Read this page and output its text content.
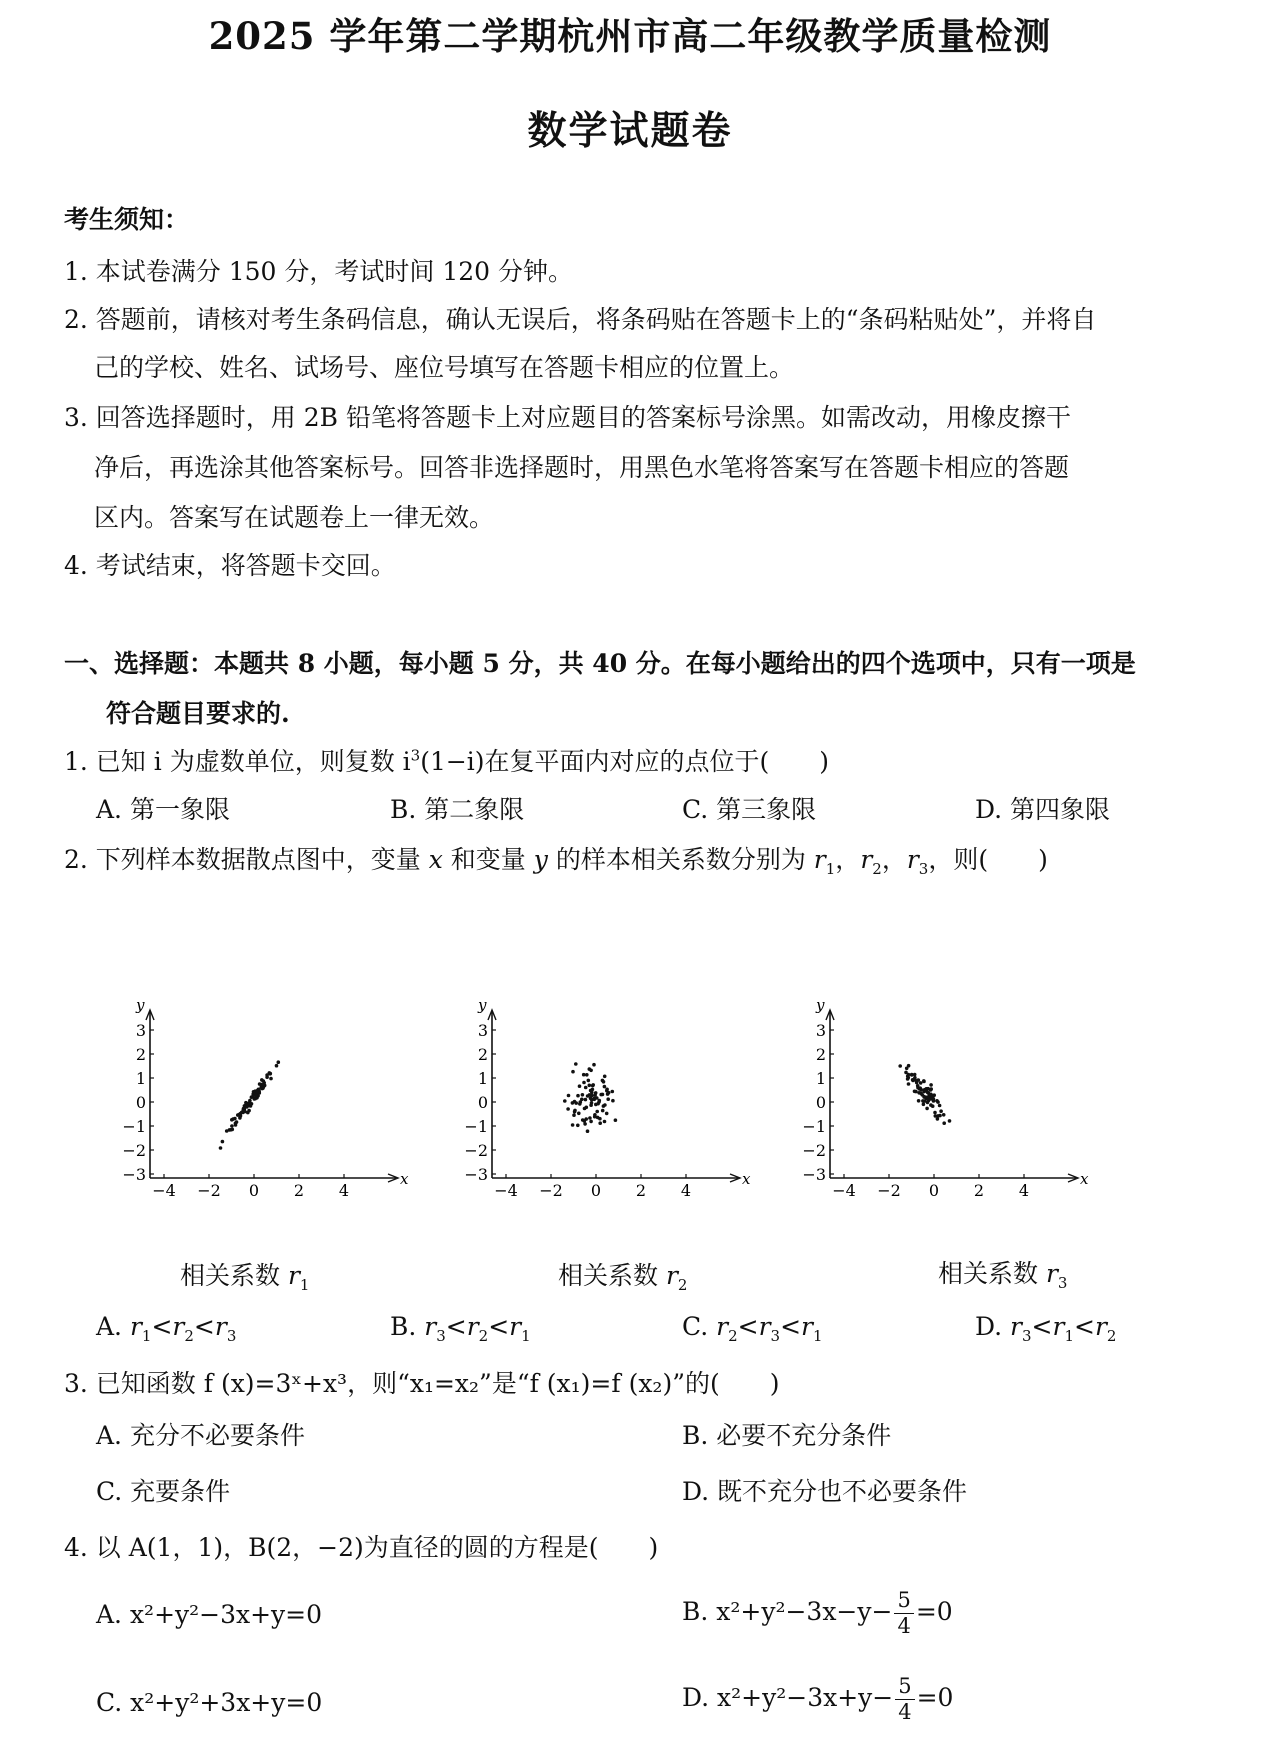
2025 学年第二学期杭州市高二年级教学质量检测
数学试题卷
考生须知：
1. 本试卷满分 150 分，考试时间 120 分钟。
2. 答题前，请核对考生条码信息，确认无误后，将条码贴在答题卡上的“条码粘贴处”，并将自
己的学校、姓名、试场号、座位号填写在答题卡相应的位置上。
3. 回答选择题时，用 2B 铅笔将答题卡上对应题目的答案标号涂黑。如需改动，用橡皮擦干
净后，再选涂其他答案标号。回答非选择题时，用黑色水笔将答案写在答题卡相应的答题
区内。答案写在试题卷上一律无效。
4. 考试结束，将答题卡交回。
一、选择题：本题共 8 小题，每小题 5 分，共 40 分。在每小题给出的四个选项中，只有一项是
符合题目要求的.
1. 已知 i 为虚数单位，则复数 $i^3(1-i)$在复平面内对应的点位于(　　)
A. 第一象限	B. 第二象限	C. 第三象限	D. 第四象限
2. 下列样本数据散点图中，变量 x 和变量 y 的样本相关系数分别为 $r_1$，$r_2$，$r_3$，则(　　)
y
x
3
2
1
0
−1
−2
−3
−4 −2 0 2 4
y
x
3
2
1
0
−1
−2
−3
−4 −2 0 2 4
y
x
3
2
1
0
−1
−2
−3
−4 −2 0 2 4
相关系数 $r_1$	相关系数 $r_2$	相关系数 $r_3$
A. $r_1<r_2<r_3$	B. $r_3<r_2<r_1$	C. $r_2<r_3<r_1$	D. $r_3<r_1<r_2$
3. 已知函数 f (x)=3ˣ+x³，则“x₁=x₂”是“f (x₁)=f (x₂)”的(　　)
A. 充分不必要条件	B. 必要不充分条件
C. 充要条件	D. 既不充分也不必要条件
4. 以 A(1，1)，B(2，−2)为直径的圆的方程是(　　)
A. x²+y²−3x+y=0	B. $x^2+y^2-3x-y- \frac{5}{4} =0$
C. x²+y²+3x+y=0	D. $x^2+y^2-3x+y- \frac{5}{4} =0$
